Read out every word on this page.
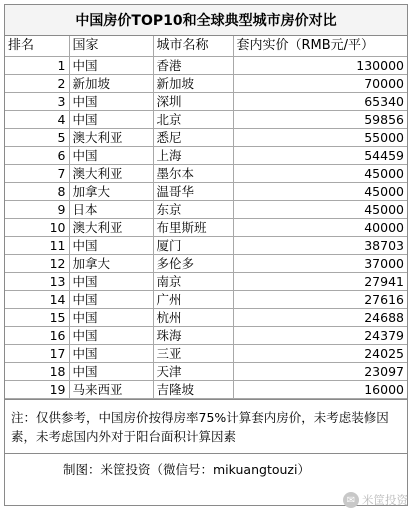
中国房价TOP10和全球典型城市房价对比
排名	国家	城市名称	套内实价（RMB元/平）
1	中国	香港	130000
2	新加坡	新加坡	70000
3	中国	深圳	65340
4	中国	北京	59856
5	澳大利亚	悉尼	55000
6	中国	上海	54459
7	澳大利亚	墨尔本	45000
8	加拿大	温哥华	45000
9	日本	东京	45000
10	澳大利亚	布里斯班	40000
11	中国	厦门	38703
12	加拿大	多伦多	37000
13	中国	南京	27941
14	中国	广州	27616
15	中国	杭州	24688
16	中国	珠海	24379
17	中国	三亚	24025
18	中国	天津	23097
19	马来西亚	吉隆坡	16000
注：仅供参考，中国房价按得房率75%计算套内房价，未考虑装修因素，未考虑国内外对于阳台面积计算因素
制图：米筐投资（微信号：mikuangtouzi）
✉ 米筐投资
